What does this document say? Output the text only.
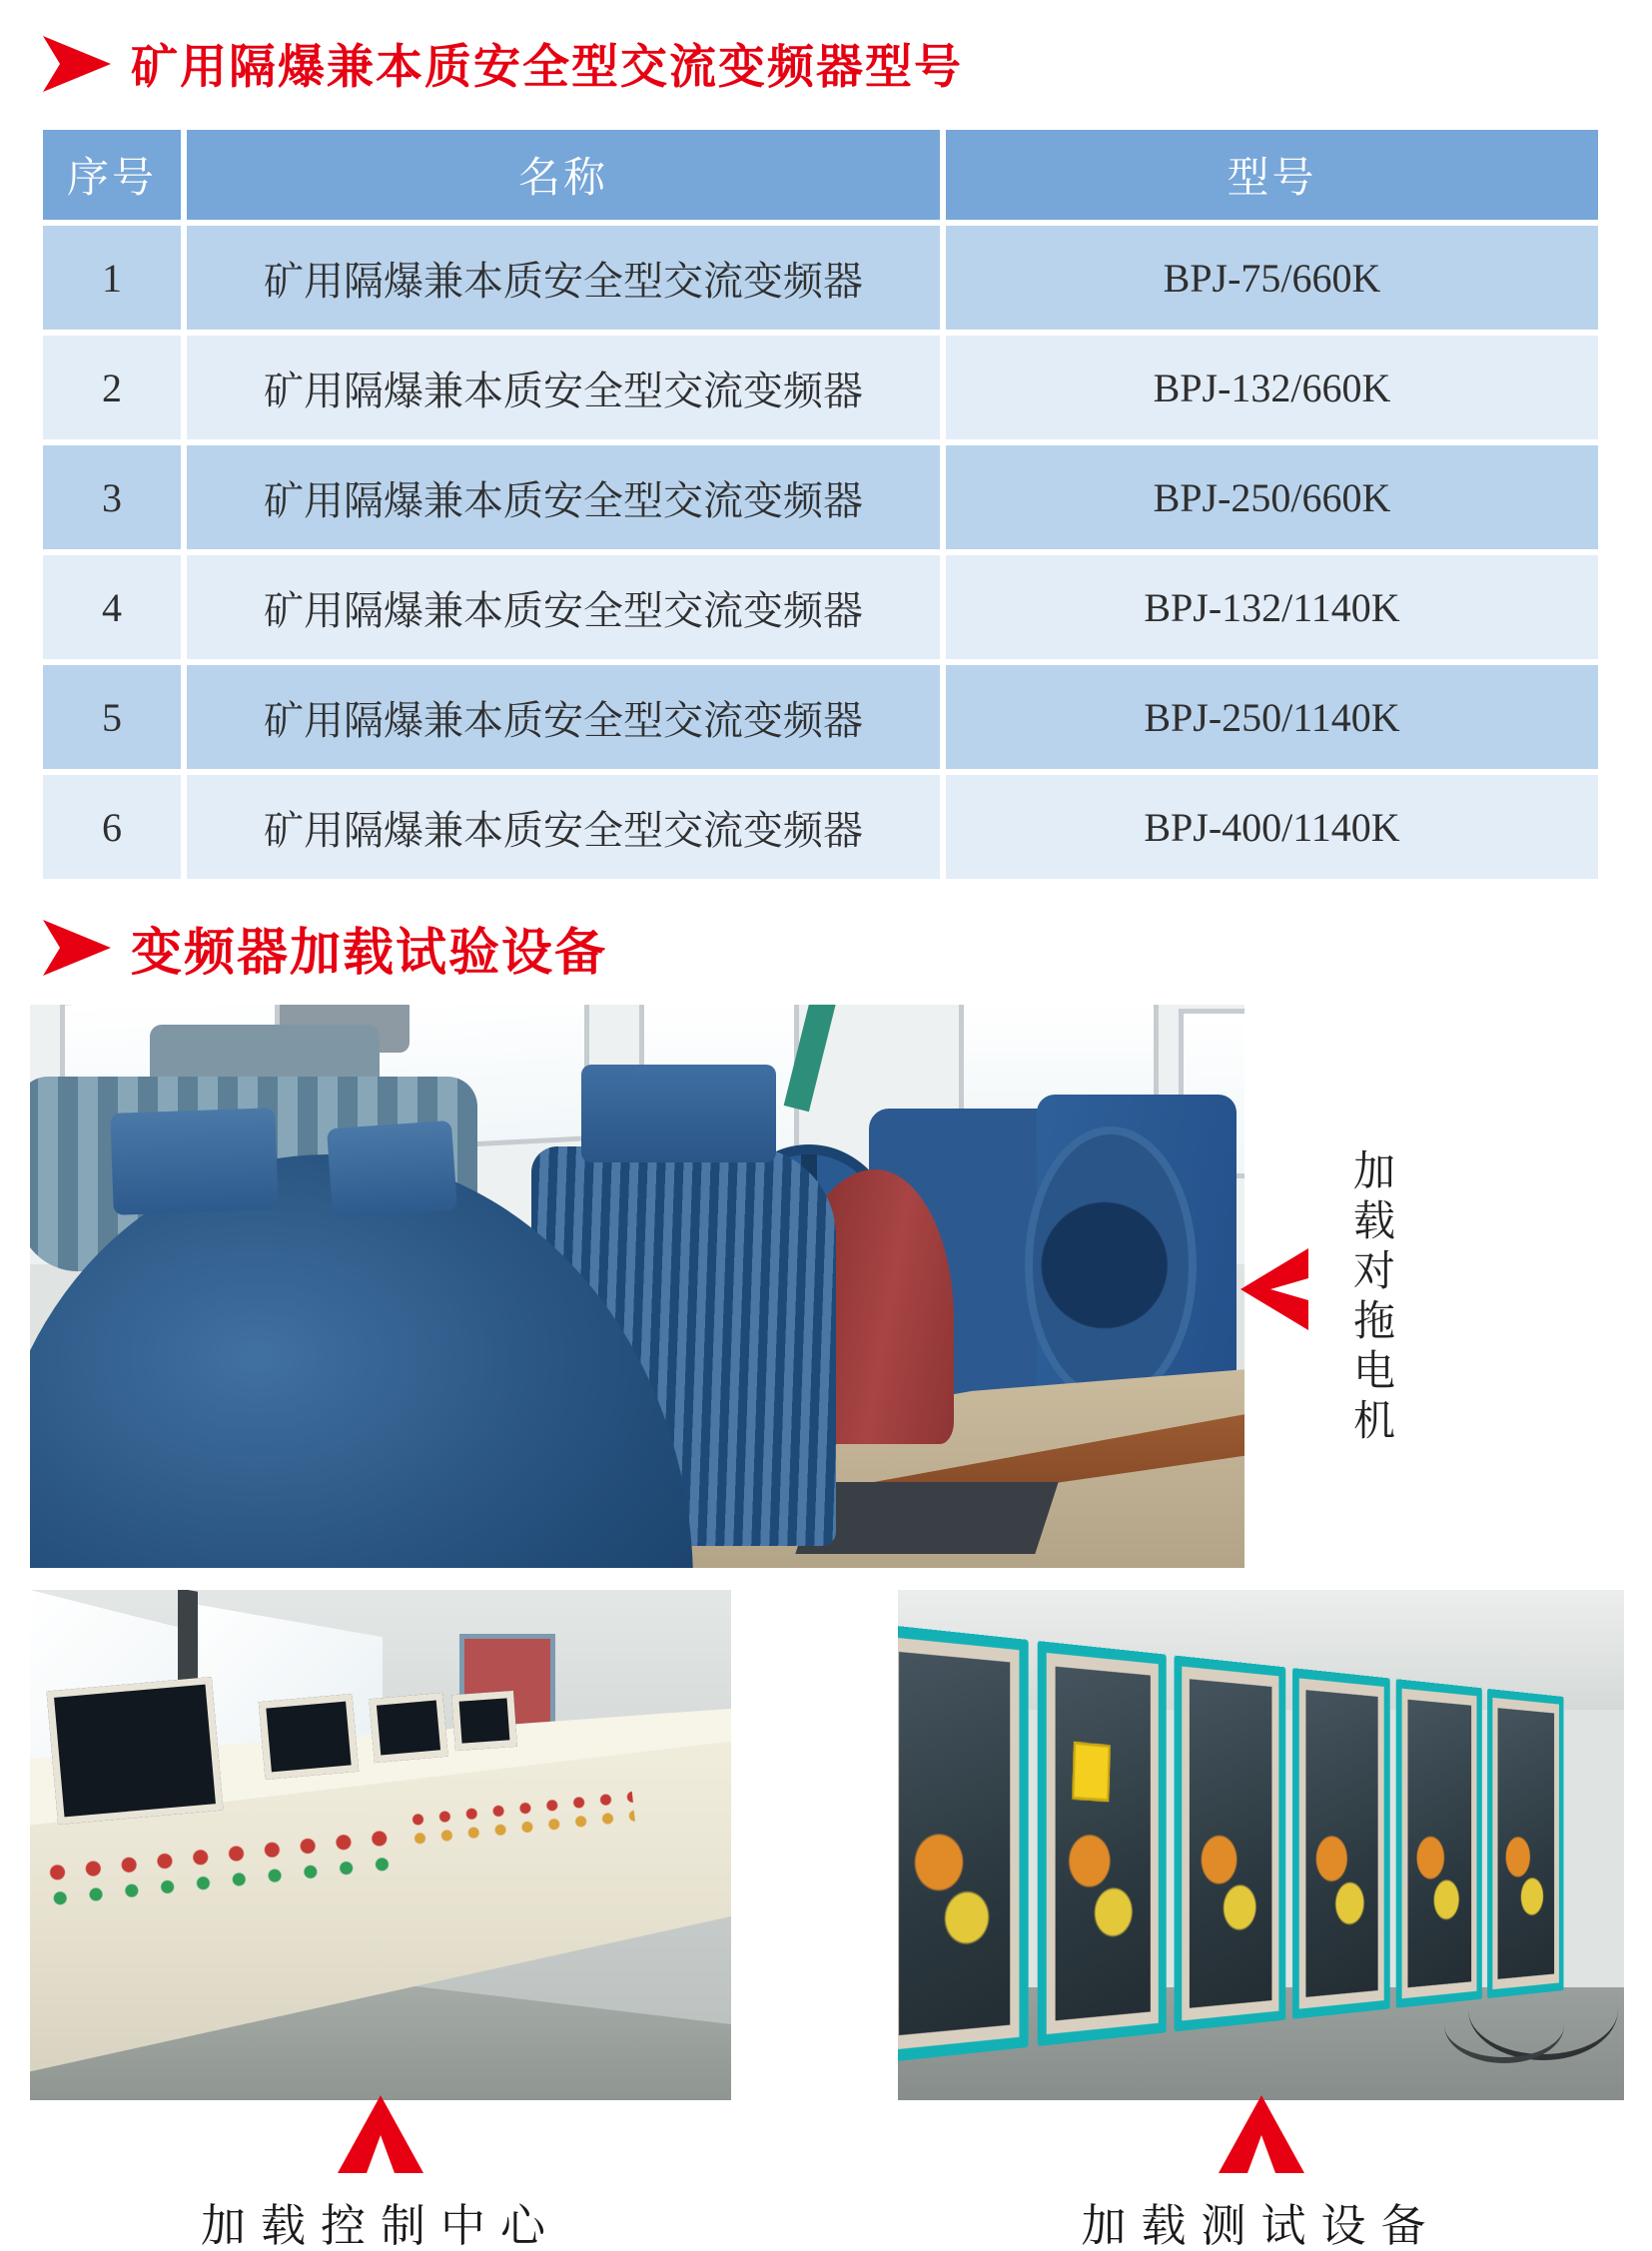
矿用隔爆兼本质安全型交流变频器型号
序号	名称	型号
1	矿用隔爆兼本质安全型交流变频器	BPJ-75/660K
2	矿用隔爆兼本质安全型交流变频器	BPJ-132/660K
3	矿用隔爆兼本质安全型交流变频器	BPJ-250/660K
4	矿用隔爆兼本质安全型交流变频器	BPJ-132/1140K
5	矿用隔爆兼本质安全型交流变频器	BPJ-250/1140K
6	矿用隔爆兼本质安全型交流变频器	BPJ-400/1140K
变频器加载试验设备
加载对拖电机
加载控制中心	加载测试设备
